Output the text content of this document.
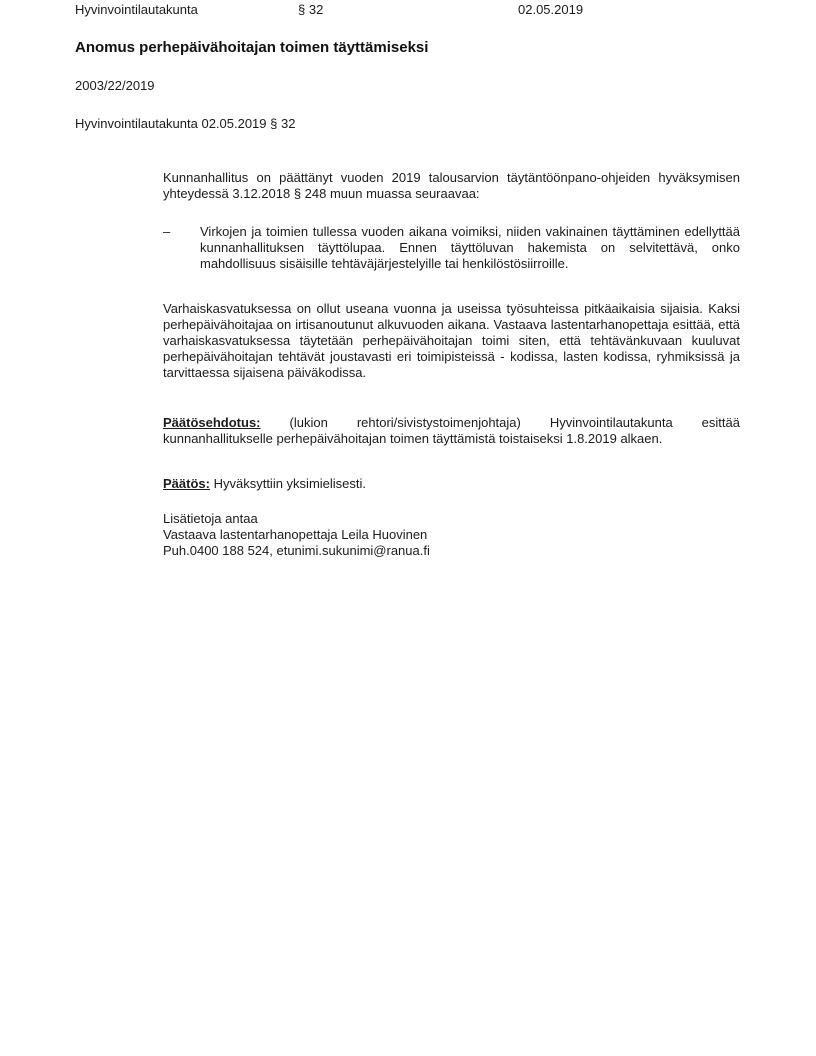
Hyvinvointilautakunta	§ 32	02.05.2019
Anomus perhepäivähoitajan toimen täyttämiseksi
2003/22/2019
Hyvinvointilautakunta 02.05.2019 § 32

Kunnanhallitus on päättänyt vuoden 2019 talousarvion täytäntöönpano-ohjeiden hyväksymisen yhteydessä 3.12.2018 § 248 muun muassa seuraavaa:

–	Virkojen ja toimien tullessa vuoden aikana voimiksi, niiden vakinainen täyttäminen edellyttää kunnanhallituksen täyttölupaa. Ennen täyttöluvan hakemista on selvitettävä, onko mahdollisuus sisäisille tehtäväjärjestelyille tai henkilöstösiirroille.

Varhaiskasvatuksessa on ollut useana vuonna ja useissa työsuhteissa pitkäaikaisia sijaisia. Kaksi perhepäivähoitajaa on irtisanoutunut alkuvuoden aikana. Vastaava lastentarhanopettaja esittää, että varhaiskasvatuksessa täytetään perhepäivähoitajan toimi siten, että tehtävänkuvaan kuuluvat perhepäivähoitajan tehtävät joustavasti eri toimipisteissä - kodissa, lasten kodissa, ryhmiksissä ja tarvittaessa sijaisena päiväkodissa.

Päätösehdotus: (lukion rehtori/sivistystoimenjohtaja) Hyvinvointilautakunta esittää kunnanhallitukselle perhepäivähoitajan toimen täyttämistä toistaiseksi 1.8.2019 alkaen.

Päätös: Hyväksyttiin yksimielisesti.

Lisätietoja antaa
Vastaava lastentarhanopettaja Leila Huovinen
Puh.0400 188 524, etunimi.sukunimi@ranua.fi
